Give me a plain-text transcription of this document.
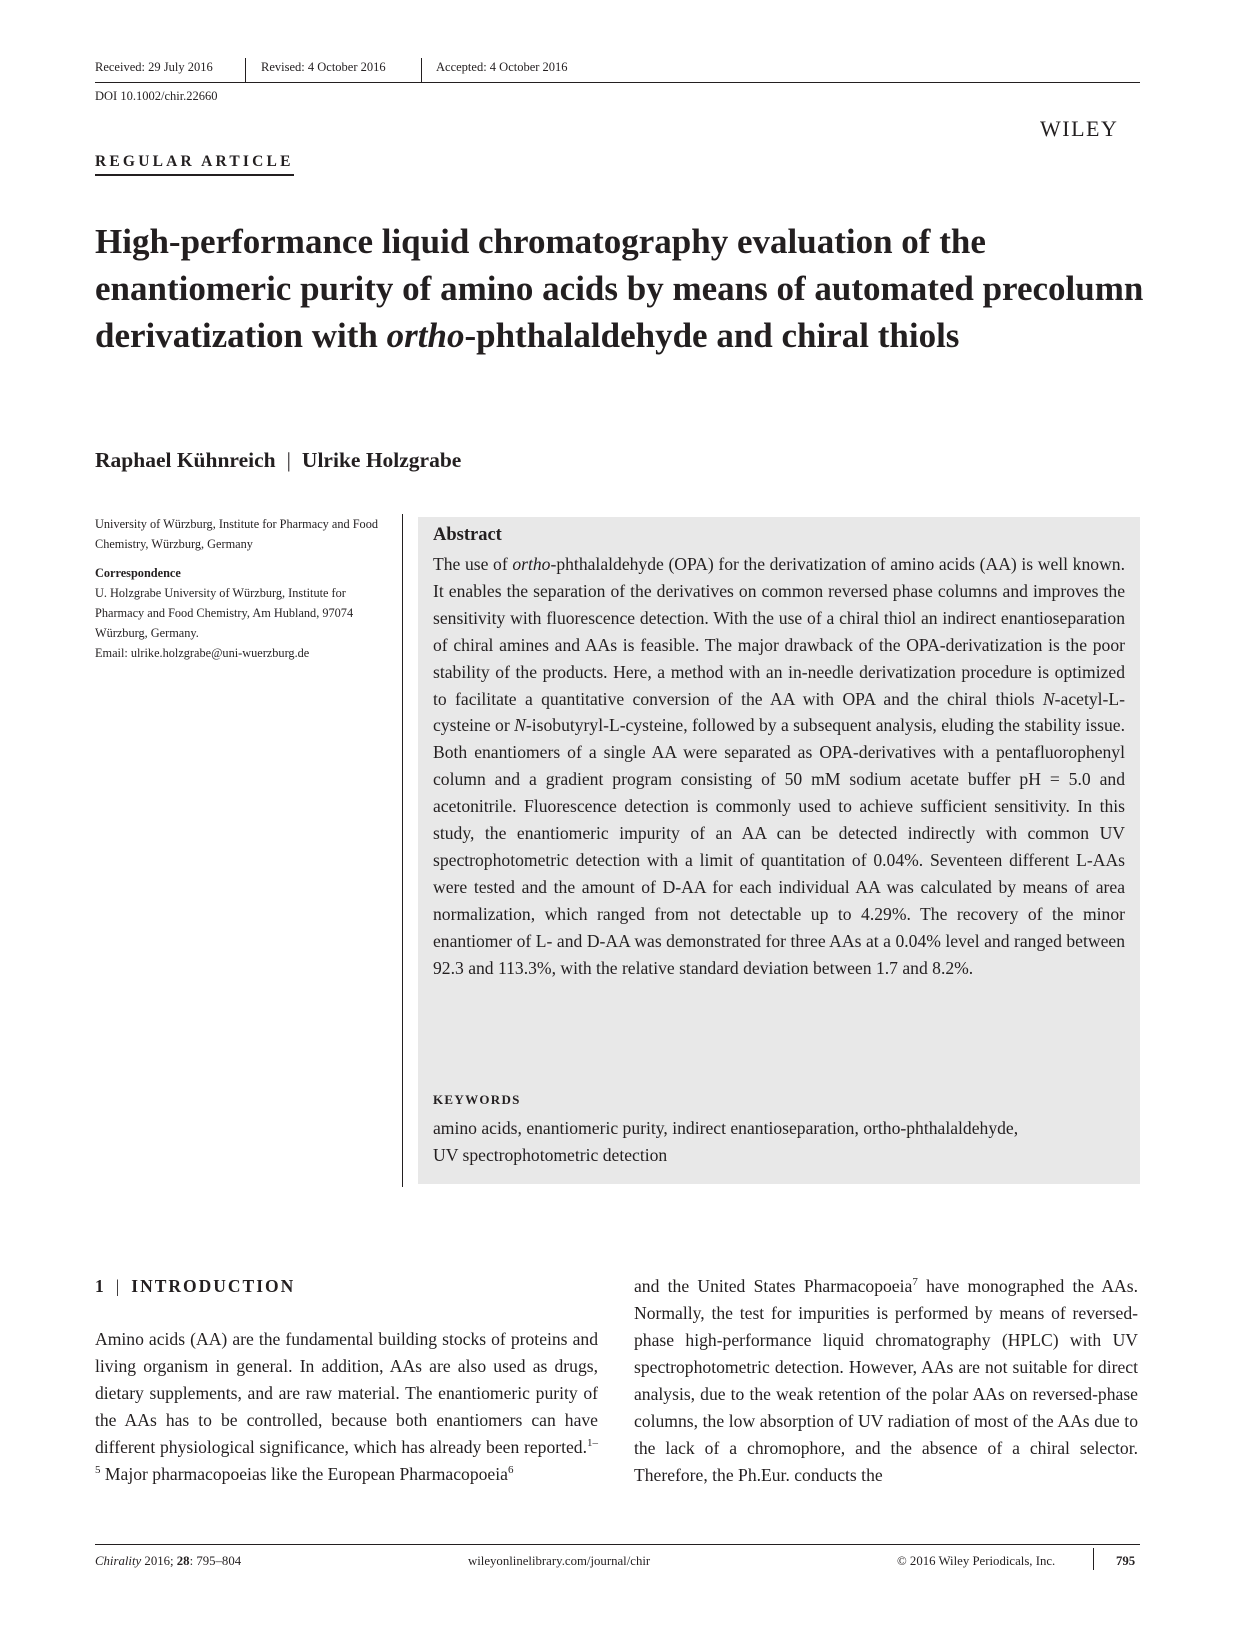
Received: 29 July 2016	Revised: 4 October 2016	Accepted: 4 October 2016
DOI 10.1002/chir.22660
WILEY
REGULAR ARTICLE
High-performance liquid chromatography evaluation of the enantiomeric purity of amino acids by means of automated precolumn derivatization with ortho-phthalaldehyde and chiral thiols
Raphael Kühnreich | Ulrike Holzgrabe
University of Würzburg, Institute for Pharmacy and Food Chemistry, Würzburg, Germany
Correspondence
U. Holzgrabe University of Würzburg, Institute for Pharmacy and Food Chemistry, Am Hubland, 97074 Würzburg, Germany.
Email: ulrike.holzgrabe@uni-wuerzburg.de
Abstract
The use of ortho-phthalaldehyde (OPA) for the derivatization of amino acids (AA) is well known. It enables the separation of the derivatives on common reversed phase columns and improves the sensitivity with fluorescence detection. With the use of a chiral thiol an indirect enantioseparation of chiral amines and AAs is feasible. The major drawback of the OPA-derivatization is the poor stability of the products. Here, a method with an in-needle derivatization procedure is optimized to facilitate a quantitative conversion of the AA with OPA and the chiral thiols N-acetyl-L-cysteine or N-isobutyryl-L-cysteine, followed by a subsequent analysis, eluding the stability issue. Both enantiomers of a single AA were separated as OPA-derivatives with a pentafluorophenyl column and a gradient program consisting of 50 mM sodium acetate buffer pH = 5.0 and acetonitrile. Fluorescence detection is commonly used to achieve sufficient sensitivity. In this study, the enantiomeric impurity of an AA can be detected indirectly with common UV spectrophotometric detection with a limit of quantitation of 0.04%. Seventeen different L-AAs were tested and the amount of D-AA for each individual AA was calculated by means of area normalization, which ranged from not detectable up to 4.29%. The recovery of the minor enantiomer of L- and D-AA was demonstrated for three AAs at a 0.04% level and ranged between 92.3 and 113.3%, with the relative standard deviation between 1.7 and 8.2%.
KEYWORDS
amino acids, enantiomeric purity, indirect enantioseparation, ortho-phthalaldehyde,
UV spectrophotometric detection
1 | INTRODUCTION
Amino acids (AA) are the fundamental building stocks of proteins and living organism in general. In addition, AAs are also used as drugs, dietary supplements, and are raw material. The enantiomeric purity of the AAs has to be controlled, because both enantiomers can have different physiological significance, which has already been reported.$^{1-5}$ Major pharmacopoeias like the European Pharmacopoeia$^6$
and the United States Pharmacopoeia$^7$ have monographed the AAs. Normally, the test for impurities is performed by means of reversed-phase high-performance liquid chromatography (HPLC) with UV spectrophotometric detection. However, AAs are not suitable for direct analysis, due to the weak retention of the polar AAs on reversed-phase columns, the low absorption of UV radiation of most of the AAs due to the lack of a chromophore, and the absence of a chiral selector. Therefore, the Ph.Eur. conducts the
Chirality 2016; 28: 795–804	wileyonlinelibrary.com/journal/chir	© 2016 Wiley Periodicals, Inc.	795
